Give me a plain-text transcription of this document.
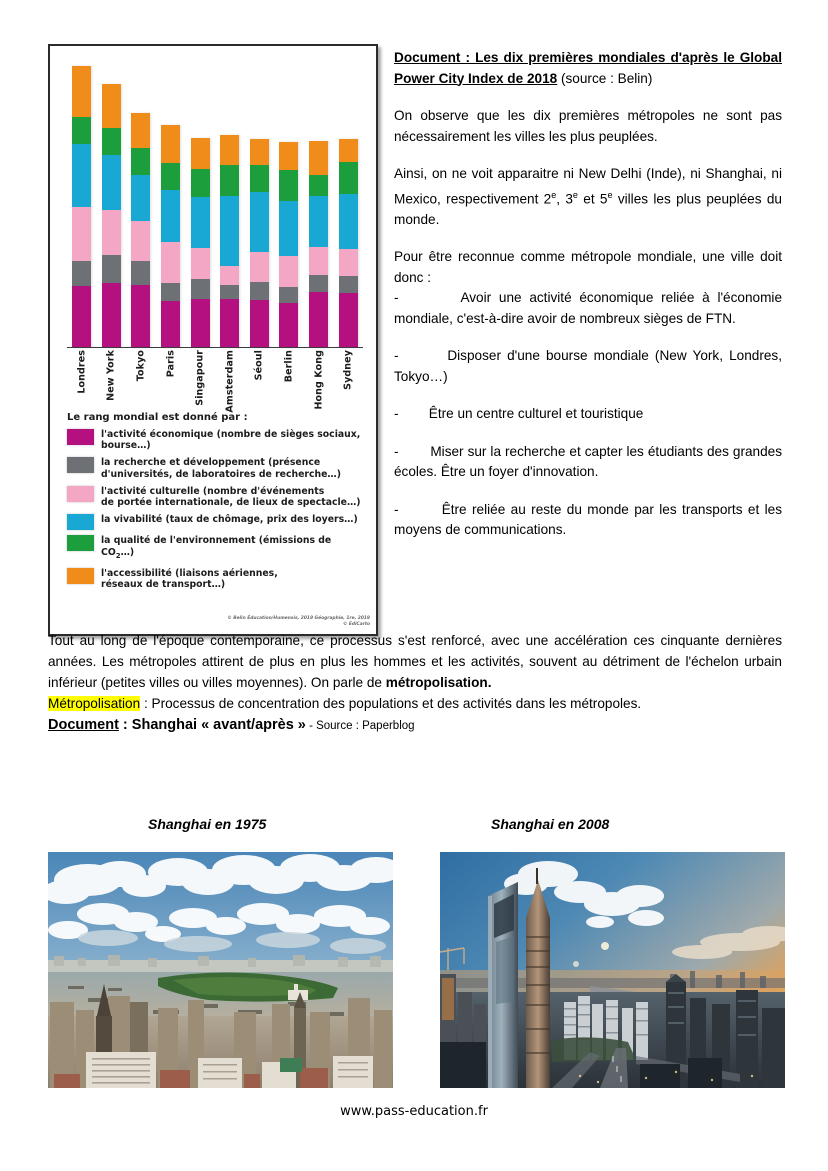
Londres New York Tokyo Paris Singapour Amsterdam Séoul Berlin Hong Kong Sydney
Le rang mondial est donné par :
l'activité économique (nombre de sièges sociaux,
bourse…)
la recherche et développement (présence
d'universités, de laboratoires de recherche…)
l'activité culturelle (nombre d'événements
de portée internationale, de lieux de spectacle…)
la vivabilité (taux de chômage, prix des loyers…)
la qualité de l'environnement (émissions de $CO_2\dots$)
l'accessibilité (liaisons aériennes,
réseaux de transport…)
© Belin Éducation/Humensis, 2019 Géographie, 1re, 2019
© EdiCarto

Document : Les dix premières mondiales d'après le Global Power City Index de 2018 (source : Belin)

On observe que les dix premières métropoles ne sont pas nécessairement les villes les plus peuplées.

Ainsi, on ne voit apparaitre ni New Delhi (Inde), ni Shanghai, ni Mexico, respectivement 2e, 3e et 5e villes les plus peuplées du monde.

Pour être reconnue comme métropole mondiale, une ville doit donc :

-	Avoir une activité économique reliée à l'économie mondiale, c'est-à-dire avoir de nombreux sièges de FTN.

-	Disposer d'une bourse mondiale (New York, Londres, Tokyo…)

- Être un centre culturel et touristique

- Miser sur la recherche et capter les étudiants des grandes écoles. Être un foyer d'innovation.

-	Être reliée au reste du monde par les transports et les moyens de communications.

Tout au long de l'époque contemporaine, ce processus s'est renforcé, avec une accélération ces cinquante dernières années. Les métropoles attirent de plus en plus les hommes et les activités, souvent au détriment de l'échelon urbain inférieur (petites villes ou villes moyennes). On parle de métropolisation.

Métropolisation : Processus de concentration des populations et des activités dans les métropoles.

Document : Shanghai « avant/après » - Source : Paperblog

Shanghai en 1975	Shanghai en 2008
www.pass-education.fr
